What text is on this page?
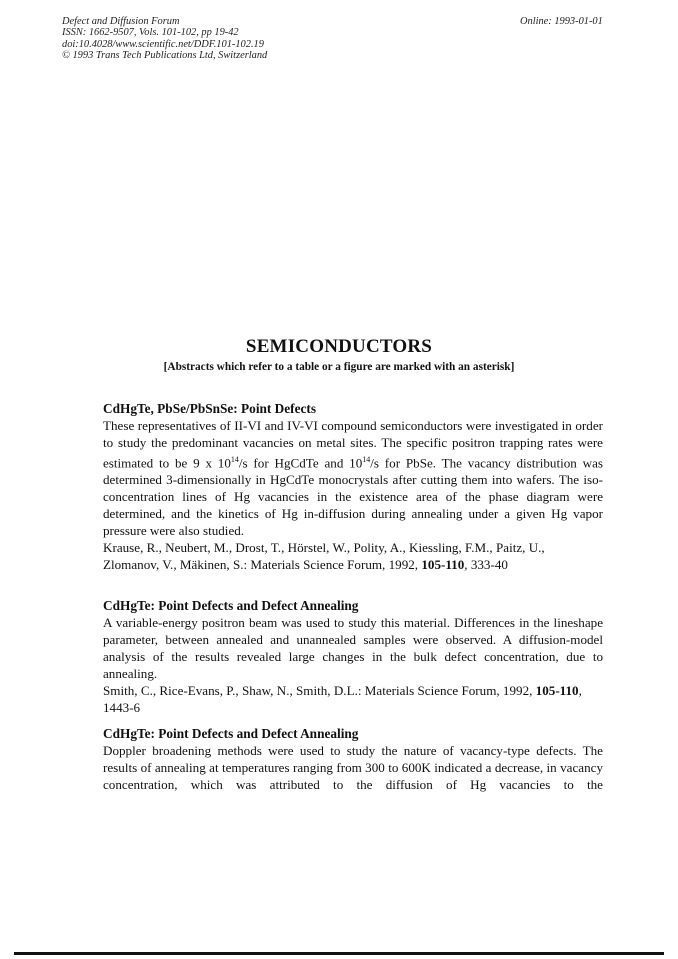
Defect and Diffusion Forum
ISSN: 1662-9507, Vols. 101-102, pp 19-42
doi:10.4028/www.scientific.net/DDF.101-102.19
© 1993 Trans Tech Publications Ltd, Switzerland
Online: 1993-01-01
SEMICONDUCTORS
[Abstracts which refer to a table or a figure are marked with an asterisk]
CdHgTe, PbSe/PbSnSe: Point Defects

These representatives of II-VI and IV-VI compound semiconductors were investigated in order to study the predominant vacancies on metal sites. The specific positron trapping rates were estimated to be 9 x $10^{14}/s$ for HgCdTe and $10^{14}/s$ for PbSe. The vacancy distribution was determined 3-dimensionally in HgCdTe monocrystals after cutting them into wafers. The iso-concentration lines of Hg vacancies in the existence area of the phase diagram were determined, and the kinetics of Hg in-diffusion during annealing under a given Hg vapor pressure were also studied.

Krause, R., Neubert, M., Drost, T., Hörstel, W., Polity, A., Kiessling, F.M., Paitz, U., Zlomanov, V., Mäkinen, S.: Materials Science Forum, 1992, 105-110, 333-40

CdHgTe: Point Defects and Defect Annealing

A variable-energy positron beam was used to study this material. Differences in the lineshape parameter, between annealed and unannealed samples were observed. A diffusion-model analysis of the results revealed large changes in the bulk defect concentration, due to annealing.

Smith, C., Rice-Evans, P., Shaw, N., Smith, D.L.: Materials Science Forum, 1992, 105-110, 1443-6

CdHgTe: Point Defects and Defect Annealing

Doppler broadening methods were used to study the nature of vacancy-type defects. The results of annealing at temperatures ranging from 300 to 600K indicated a decrease, in vacancy concentration, which was attributed to the diffusion of Hg vacancies to the
